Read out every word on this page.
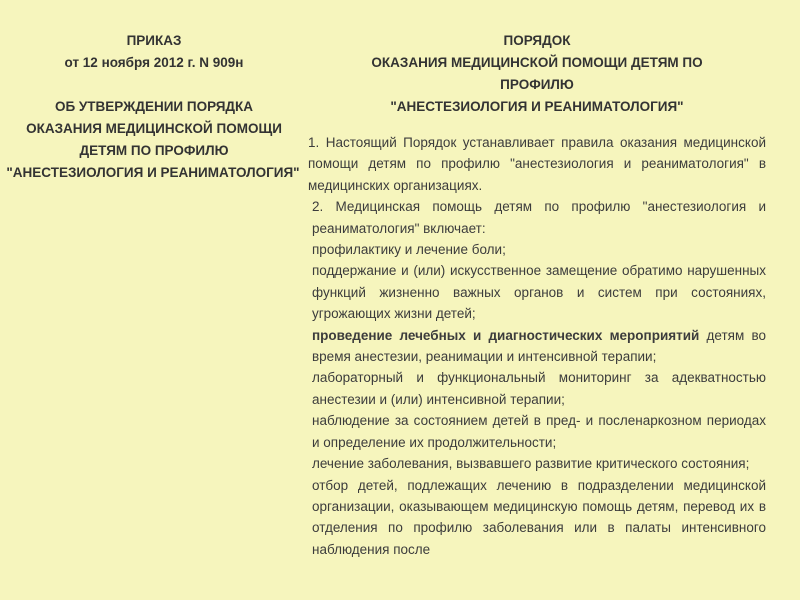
ПРИКАЗ
от 12 ноября 2012 г. N 909н
ОБ УТВЕРЖДЕНИИ ПОРЯДКА
ОКАЗАНИЯ МЕДИЦИНСКОЙ ПОМОЩИ
ДЕТЯМ ПО ПРОФИЛЮ
"АНЕСТЕЗИОЛОГИЯ И РЕАНИМАТОЛОГИЯ"
ПОРЯДОК
ОКАЗАНИЯ МЕДИЦИНСКОЙ ПОМОЩИ ДЕТЯМ ПО
ПРОФИЛЮ
"АНЕСТЕЗИОЛОГИЯ И РЕАНИМАТОЛОГИЯ"

1. Настоящий Порядок устанавливает правила оказания медицинской помощи детям по профилю "анестезиология и реаниматология" в медицинских организациях.

2. Медицинская помощь детям по профилю "анестезиология и реаниматология" включает:

профилактику и лечение боли;

поддержание и (или) искусственное замещение обратимо нарушенных функций жизненно важных органов и систем при состояниях, угрожающих жизни детей;

проведение лечебных и диагностических мероприятий детям во время анестезии, реанимации и интенсивной терапии;

лабораторный и функциональный мониторинг за адекватностью анестезии и (или) интенсивной терапии;

наблюдение за состоянием детей в пред- и посленаркозном периодах и определение их продолжительности;

лечение заболевания, вызвавшего развитие критического состояния;

отбор детей, подлежащих лечению в подразделении медицинской организации, оказывающем медицинскую помощь детям, перевод их в отделения по профилю заболевания или в палаты интенсивного наблюдения после
